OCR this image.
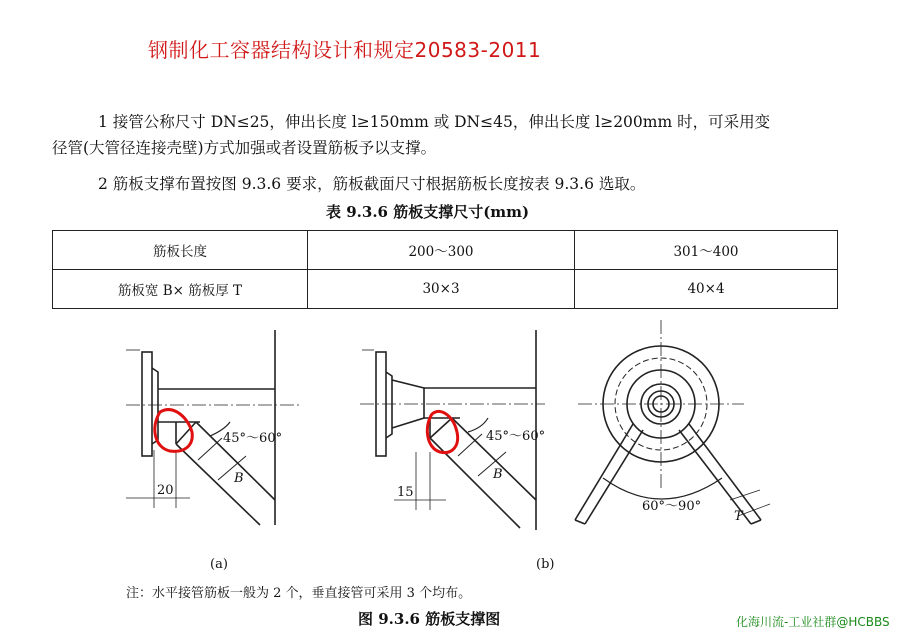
钢制化工容器结构设计和规定20583-2011
1 接管公称尺寸 DN≤25，伸出长度 l≥150mm 或 DN≤45，伸出长度 l≥200mm 时，可采用变
径管(大管径连接壳壁)方式加强或者设置筋板予以支撑。
2 筋板支撑布置按图 9.3.6 要求，筋板截面尺寸根据筋板长度按表 9.3.6 选取。
表 9.3.6 筋板支撑尺寸(mm)
筋板长度	200～300	301～400
筋板宽 B× 筋板厚 T	30×3	40×4
45°～60°
B
20
(a)
45°～60°
B
15
(b)
60°～90°
T
注：水平接管筋板一般为 2 个，垂直接管可采用 3 个均布。
图 9.3.6 筋板支撑图	化海川流-工业社群@HCBBS
